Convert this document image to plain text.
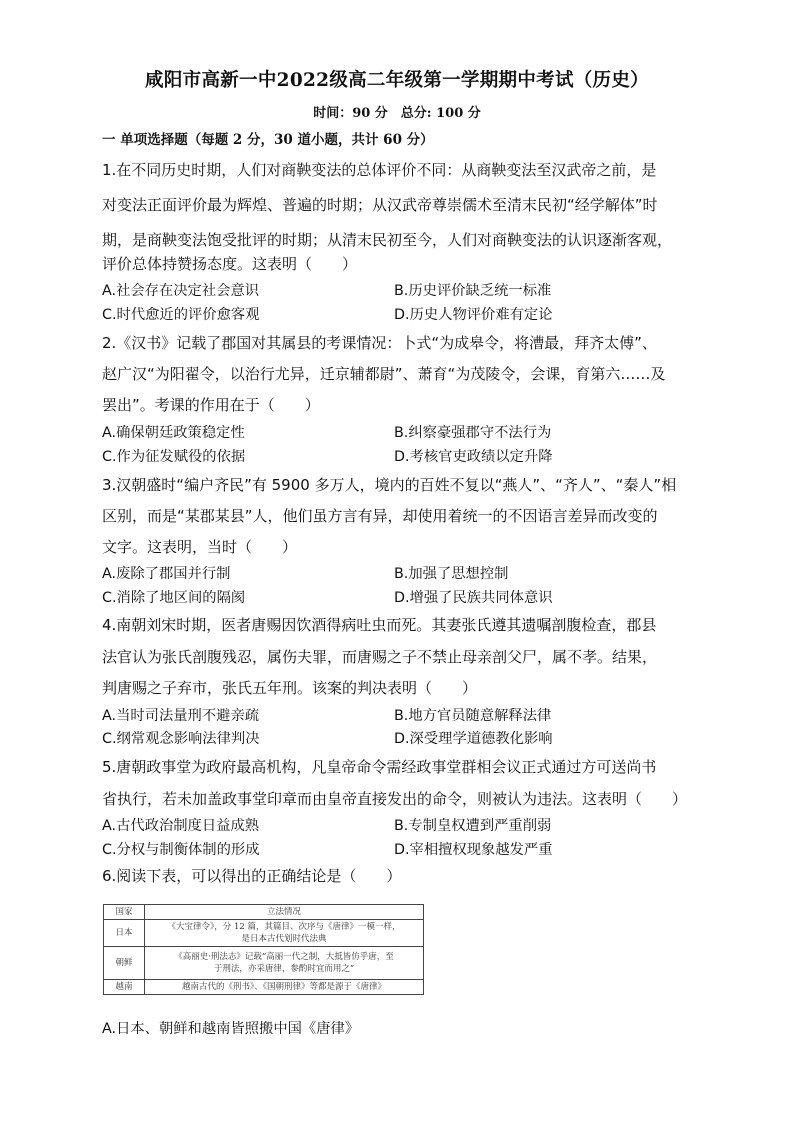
咸阳市高新一中2022级高二年级第一学期期中考试（历史）
时间：90 分　总分: 100 分
一 单项选择题（每题 2 分，30 道小题，共计 60 分）
1.在不同历史时期，人们对商鞅变法的总体评价不同：从商鞅变法至汉武帝之前，是
对变法正面评价最为辉煌、普遍的时期；从汉武帝尊崇儒术至清末民初“经学解体”时
期，是商鞅变法饱受批评的时期；从清末民初至今，人们对商鞅变法的认识逐渐客观，
评价总体持赞扬态度。这表明（　　）
A.社会存在决定社会意识	B.历史评价缺乏统一标准
C.时代愈近的评价愈客观	D.历史人物评价难有定论
2.《汉书》记载了郡国对其属县的考课情况：卜式“为成皋令，将漕最，拜齐太傅”、
赵广汉“为阳翟令，以治行尤异，迁京辅都尉”、萧育“为茂陵令，会课，育第六……及
罢出”。考课的作用在于（　　）
A.确保朝廷政策稳定性	B.纠察豪强郡守不法行为
C.作为征发赋役的依据	D.考核官吏政绩以定升降
3.汉朝盛时“编户齐民”有 5900 多万人，境内的百姓不复以“燕人”、“齐人”、“秦人”相
区别，而是“某郡某县”人，他们虽方言有异，却使用着统一的不因语言差异而改变的
文字。这表明，当时（　　）
A.废除了郡国并行制	B.加强了思想控制
C.消除了地区间的隔阂	D.增强了民族共同体意识
4.南朝刘宋时期，医者唐赐因饮酒得病吐虫而死。其妻张氏遵其遗嘱剖腹检查，郡县
法官认为张氏剖腹残忍，属伤夫罪，而唐赐之子不禁止母亲剖父尸，属不孝。结果，
判唐赐之子弃市，张氏五年刑。该案的判决表明（　　）
A.当时司法量刑不避亲疏	B.地方官员随意解释法律
C.纲常观念影响法律判决	D.深受理学道德教化影响
5.唐朝政事堂为政府最高机构，凡皇帝命令需经政事堂群相会议正式通过方可送尚书
省执行，若未加盖政事堂印章而由皇帝直接发出的命令，则被认为违法。这表明（　　）
A.古代政治制度日益成熟	B.专制皇权遭到严重削弱
C.分权与制衡体制的形成	D.宰相擅权现象越发严重
6.阅读下表，可以得出的正确结论是（　　）
国家	立法情况
日本	《大宝律令》，分 12 篇，其篇目、次序与《唐律》一模一样，
是日本古代划时代法典

朝鲜	《高丽史·刑法志》记载“高丽一代之制，大抵皆仿乎唐，至
于刑法，亦采唐律，参酌时宜而用之”

越南	越南古代的《刑书》、《国朝刑律》等都是源于《唐律》
A.日本、朝鲜和越南皆照搬中国《唐律》
